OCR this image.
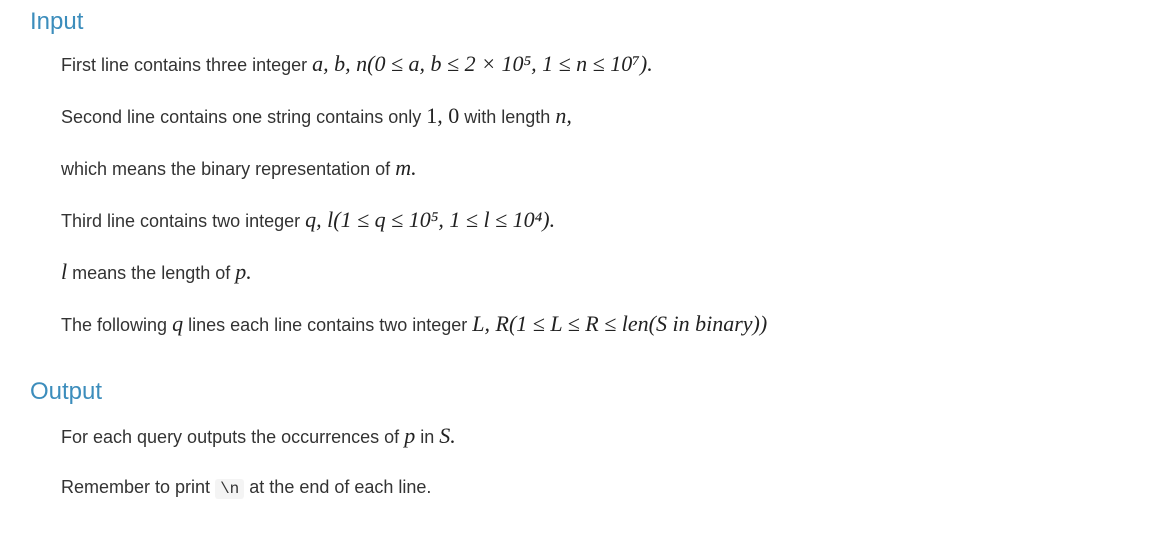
Input
First line contains three integer a, b, n(0 ≤ a, b ≤ 2 × 10⁵, 1 ≤ n ≤ 10⁷).
Second line contains one string contains only 1, 0 with length n,
which means the binary representation of m.
Third line contains two integer q, l(1 ≤ q ≤ 10⁵, 1 ≤ l ≤ 10⁴).
l means the length of p.
The following q lines each line contains two integer L, R(1 ≤ L ≤ R ≤ len(S in binary))
Output
For each query outputs the occurrences of p in S.
Remember to print \n at the end of each line.
